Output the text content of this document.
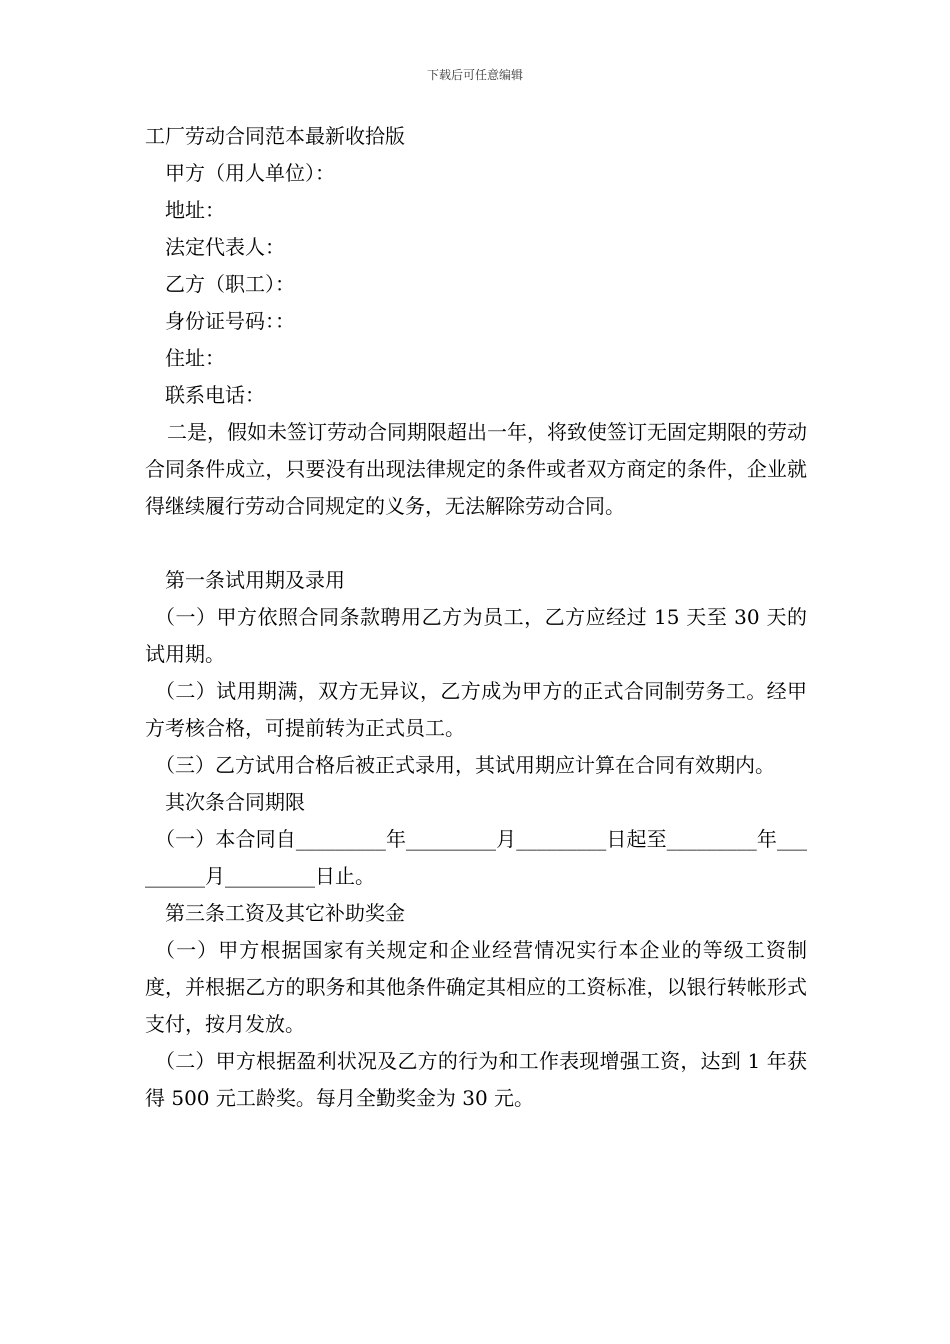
下载后可任意编辑
工厂劳动合同范本最新收拾版
甲方（用人单位）：
地址：
法定代表人：
乙方（职工）：
身份证号码：：
住址：
联系电话：
二是，假如未签订劳动合同期限超出一年，将致使签订无固定期限的劳动合同条件成立，只要没有出现法律规定的条件或者双方商定的条件，企业就得继续履行劳动合同规定的义务，无法解除劳动合同。
第一条试用期及录用
（一）甲方依照合同条款聘用乙方为员工，乙方应经过 15 天至 30 天的试用期。
（二）试用期满，双方无异议，乙方成为甲方的正式合同制劳务工。经甲方考核合格，可提前转为正式员工。
（三）乙方试用合格后被正式录用，其试用期应计算在合同有效期内。
其次条合同期限
（一）本合同自_________年_________月_________日起至_________年_________月_________日止。
第三条工资及其它补助奖金
（一）甲方根据国家有关规定和企业经营情况实行本企业的等级工资制度，并根据乙方的职务和其他条件确定其相应的工资标准，以银行转帐形式支付，按月发放。
（二）甲方根据盈利状况及乙方的行为和工作表现增强工资，达到 1 年获得 500 元工龄奖。每月全勤奖金为 30 元。
